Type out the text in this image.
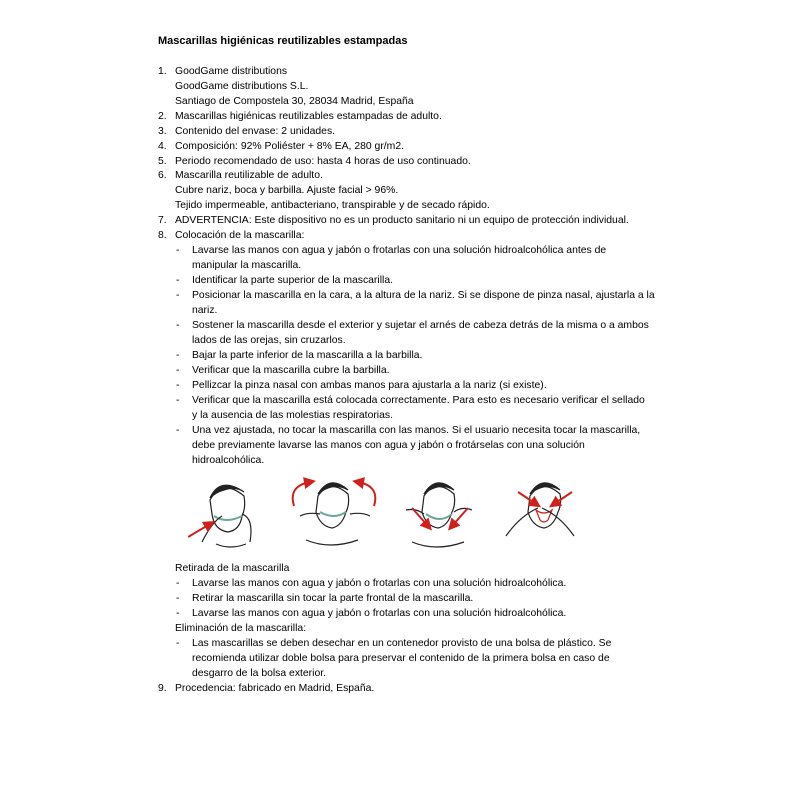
Mascarillas higiénicas reutilizables estampadas
1. GoodGame distributions
GoodGame distributions S.L.
Santiago de Compostela 30, 28034 Madrid, España
2. Mascarillas higiénicas reutilizables estampadas de adulto.
3. Contenido del envase: 2 unidades.
4. Composición: 92% Poliéster + 8% EA, 280 gr/m2.
5. Periodo recomendado de uso: hasta 4 horas de uso continuado.
6. Mascarilla reutilizable de adulto.
Cubre nariz, boca y barbilla. Ajuste facial > 96%.
Tejido impermeable, antibacteriano, transpirable y de secado rápido.
7. ADVERTENCIA: Este dispositivo no es un producto sanitario ni un equipo de protección individual.
8. Colocación de la mascarilla:
- Lavarse las manos con agua y jabón o frotarlas con una solución hidroalcohólica antes de
manipular la mascarilla.
- Identificar la parte superior de la mascarilla.
- Posicionar la mascarilla en la cara, a la altura de la nariz. Si se dispone de pinza nasal, ajustarla a la
nariz.
- Sostener la mascarilla desde el exterior y sujetar el arnés de cabeza detrás de la misma o a ambos
lados de las orejas, sin cruzarlos.
- Bajar la parte inferior de la mascarilla a la barbilla.
- Verificar que la mascarilla cubre la barbilla.
- Pellizcar la pinza nasal con ambas manos para ajustarla a la nariz (si existe).
- Verificar que la mascarilla está colocada correctamente. Para esto es necesario verificar el sellado
y la ausencia de las molestias respiratorias.
- Una vez ajustada, no tocar la mascarilla con las manos. Si el usuario necesita tocar la mascarilla,
debe previamente lavarse las manos con agua y jabón o frotárselas con una solución
hidroalcohólica.
Retirada de la mascarilla
- Lavarse las manos con agua y jabón o frotarlas con una solución hidroalcohólica.
- Retirar la mascarilla sin tocar la parte frontal de la mascarilla.
- Lavarse las manos con agua y jabón o frotarlas con una solución hidroalcohólica.
Eliminación de la mascarilla:
- Las mascarillas se deben desechar en un contenedor provisto de una bolsa de plástico. Se
recomienda utilizar doble bolsa para preservar el contenido de la primera bolsa en caso de
desgarro de la bolsa exterior.
9. Procedencia: fabricado en Madrid, España.
